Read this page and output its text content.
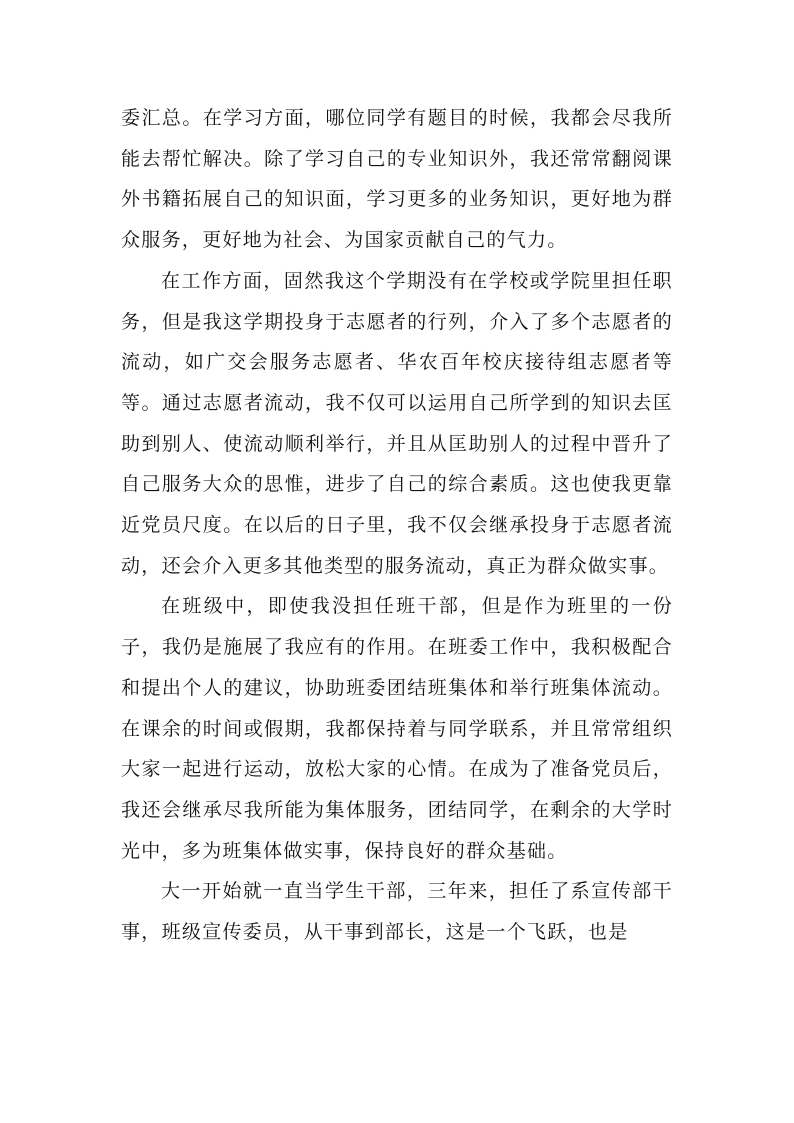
委汇总。在学习方面，哪位同学有题目的时候，我都会尽我所能去帮忙解决。除了学习自己的专业知识外，我还常常翻阅课外书籍拓展自己的知识面，学习更多的业务知识，更好地为群众服务，更好地为社会、为国家贡献自己的气力。

在工作方面，固然我这个学期没有在学校或学院里担任职务，但是我这学期投身于志愿者的行列，介入了多个志愿者的流动，如广交会服务志愿者、华农百年校庆接待组志愿者等等。通过志愿者流动，我不仅可以运用自己所学到的知识去匡助到别人、使流动顺利举行，并且从匡助别人的过程中晋升了自己服务大众的思惟，进步了自己的综合素质。这也使我更靠近党员尺度。在以后的日子里，我不仅会继承投身于志愿者流动，还会介入更多其他类型的服务流动，真正为群众做实事。

在班级中，即使我没担任班干部，但是作为班里的一份子，我仍是施展了我应有的作用。在班委工作中，我积极配合和提出个人的建议，协助班委团结班集体和举行班集体流动。在课余的时间或假期，我都保持着与同学联系，并且常常组织大家一起进行运动，放松大家的心情。在成为了准备党员后，我还会继承尽我所能为集体服务，团结同学，在剩余的大学时光中，多为班集体做实事，保持良好的群众基础。

大一开始就一直当学生干部，三年来，担任了系宣传部干事，班级宣传委员，从干事到部长，这是一个飞跃，也是
